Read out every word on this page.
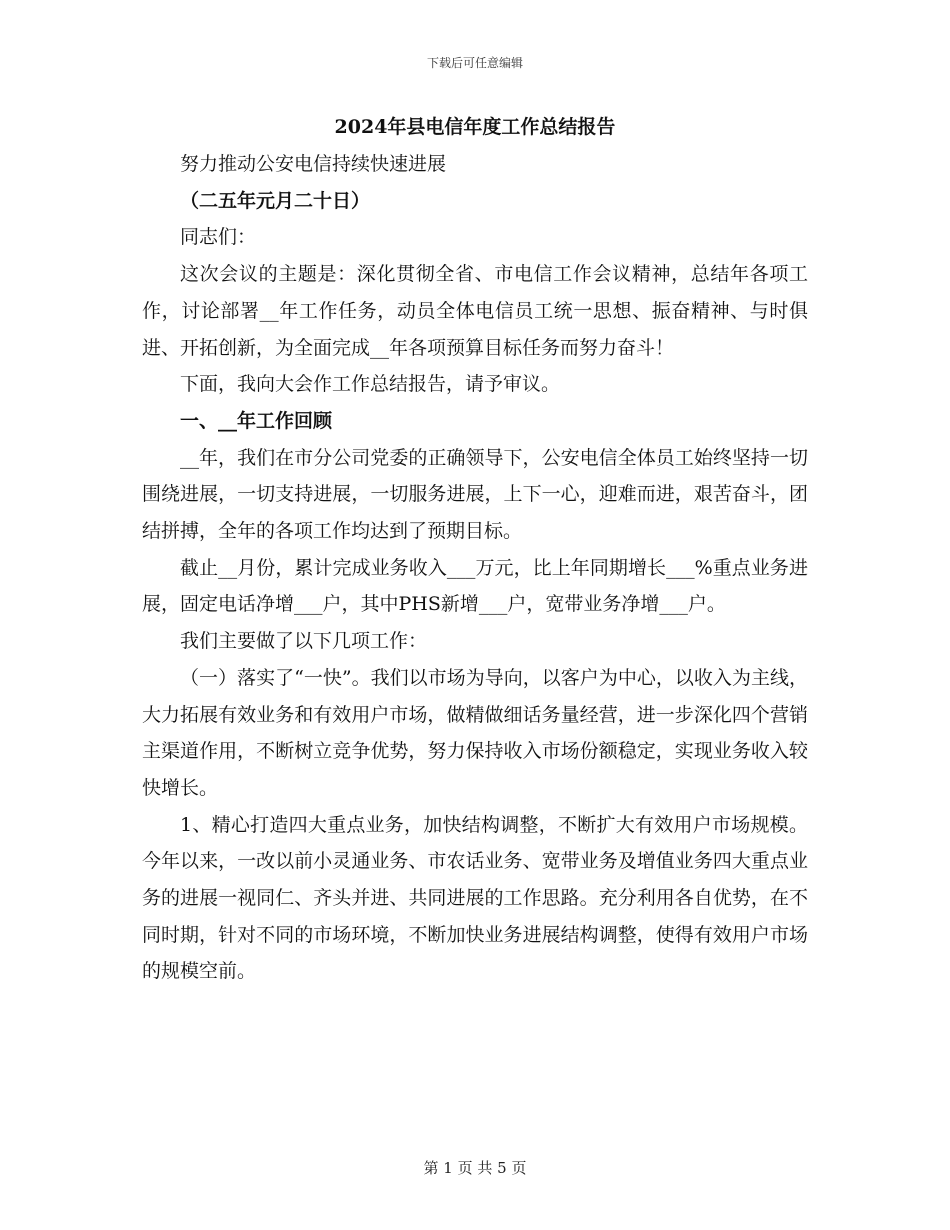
下载后可任意编辑
2024年县电信年度工作总结报告

努力推动公安电信持续快速进展

（二五年元月二十日）

同志们：

这次会议的主题是：深化贯彻全省、市电信工作会议精神，总结年各项工作，讨论部署__年工作任务，动员全体电信员工统一思想、振奋精神、与时俱进、开拓创新，为全面完成__年各项预算目标任务而努力奋斗！

下面，我向大会作工作总结报告，请予审议。

一、__年工作回顾

__年，我们在市分公司党委的正确领导下，公安电信全体员工始终坚持一切围绕进展，一切支持进展，一切服务进展，上下一心，迎难而进，艰苦奋斗，团结拼搏，全年的各项工作均达到了预期目标。

截止__月份，累计完成业务收入___万元，比上年同期增长___%重点业务进展，固定电话净增___户，其中PHS新增___户，宽带业务净增___户。

我们主要做了以下几项工作：

（一）落实了“一快”。我们以市场为导向，以客户为中心，以收入为主线，大力拓展有效业务和有效用户市场，做精做细话务量经营，进一步深化四个营销主渠道作用，不断树立竞争优势，努力保持收入市场份额稳定，实现业务收入较快增长。

1、精心打造四大重点业务，加快结构调整，不断扩大有效用户市场规模。今年以来，一改以前小灵通业务、市农话业务、宽带业务及增值业务四大重点业务的进展一视同仁、齐头并进、共同进展的工作思路。充分利用各自优势，在不同时期，针对不同的市场环境，不断加快业务进展结构调整，使得有效用户市场的规模空前。

第 1 页 共 5 页
